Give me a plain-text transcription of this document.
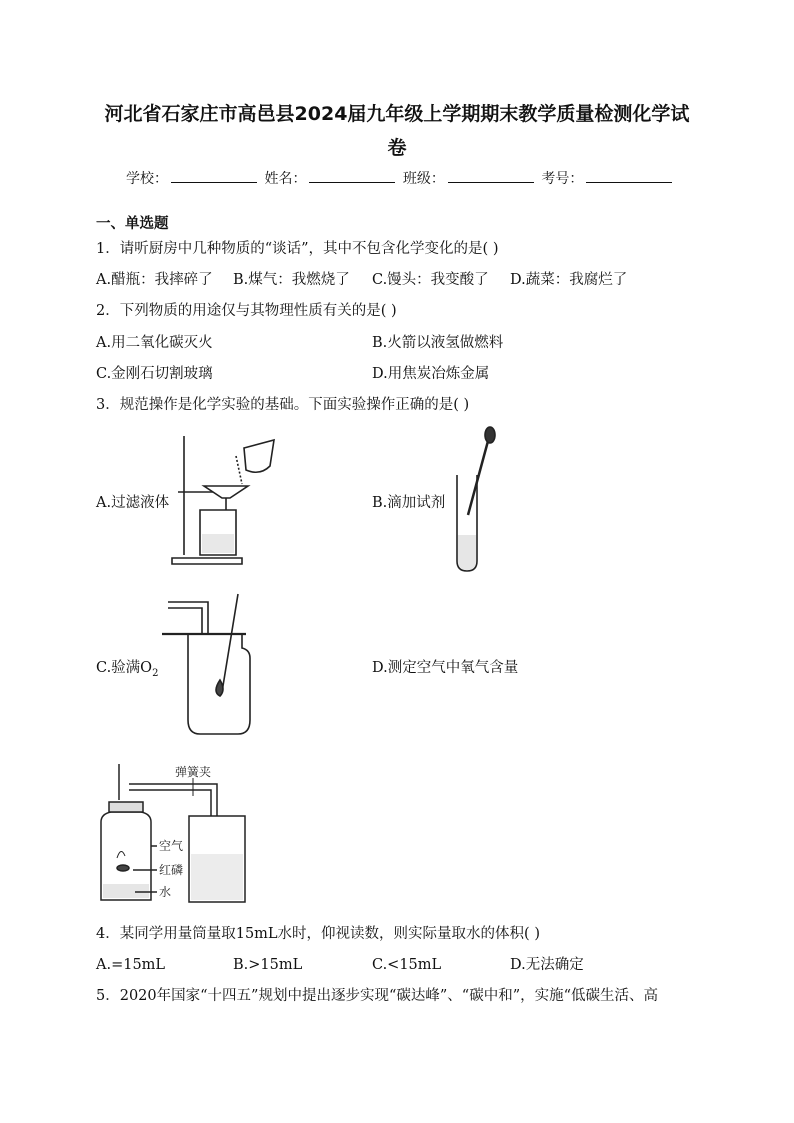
河北省石家庄市高邑县2024届九年级上学期期末教学质量检测化学试
卷
学校：	姓名：	班级：	考号：
一、单选题
1．请听厨房中几种物质的“谈话”，其中不包含化学变化的是( )
A.醋瓶：我摔碎了 B.煤气：我燃烧了 C.馒头：我变酸了 D.蔬菜：我腐烂了
2．下列物质的用途仅与其物理性质有关的是( )
A.用二氧化碳灭火	B.火箭以液氢做燃料
C.金刚石切割玻璃	D.用焦炭冶炼金属
3．规范操作是化学实验的基础。下面实验操作正确的是( )
A.过滤液体	B.滴加试剂
C.验满$O_2$	D.测定空气中氧气含量
弹簧夹
空气
红磷
水
4．某同学用量筒量取15mL水时，仰视读数，则实际量取水的体积( )
A.=15mL	B.>15mL	C.<15mL	D.无法确定
5．2020年国家“十四五”规划中提出逐步实现“碳达峰”、“碳中和”，实施“低碳生活、高
